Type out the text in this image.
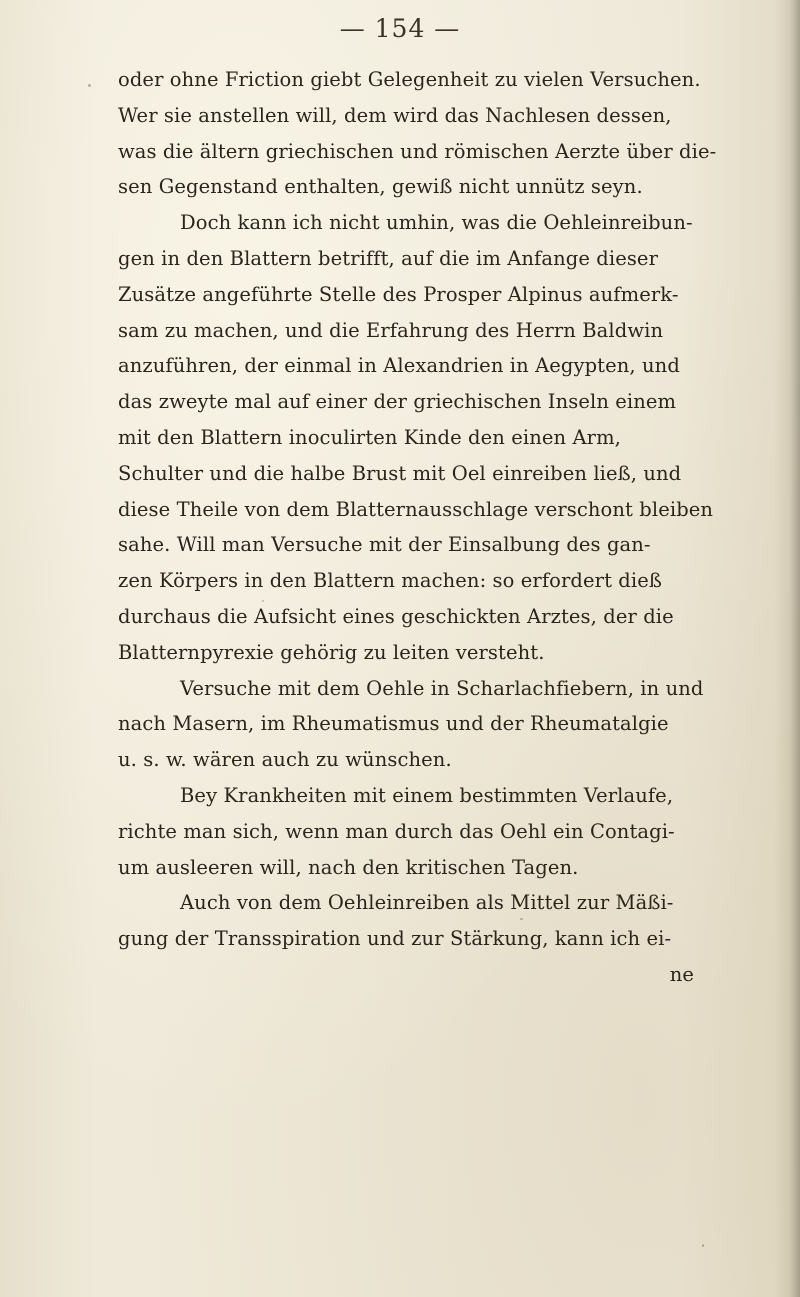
— 154 —
oder ohne Friction giebt Gelegenheit zu vielen Versuchen.
Wer sie anstellen will, dem wird das Nachlesen dessen,
was die ältern griechischen und römischen Aerzte über die-
sen Gegenstand enthalten, gewiß nicht unnütz seyn.
Doch kann ich nicht umhin, was die Oehleinreibun-
gen in den Blattern betrifft, auf die im Anfange dieser
Zusätze angeführte Stelle des Prosper Alpinus aufmerk-
sam zu machen, und die Erfahrung des Herrn Baldwin
anzuführen, der einmal in Alexandrien in Aegypten, und
das zweyte mal auf einer der griechischen Inseln einem
mit den Blattern inoculirten Kinde den einen Arm,
Schulter und die halbe Brust mit Oel einreiben ließ, und
diese Theile von dem Blatternausschlage verschont bleiben
sahe. Will man Versuche mit der Einsalbung des gan-
zen Körpers in den Blattern machen: so erfordert dieß
durchaus die Aufsicht eines geschickten Arztes, der die
Blatternpyrexie gehörig zu leiten versteht.
Versuche mit dem Oehle in Scharlachfiebern, in und
nach Masern, im Rheumatismus und der Rheumatalgie
u. s. w. wären auch zu wünschen.
Bey Krankheiten mit einem bestimmten Verlaufe,
richte man sich, wenn man durch das Oehl ein Contagi-
um ausleeren will, nach den kritischen Tagen.
Auch von dem Oehleinreiben als Mittel zur Mäßi-
gung der Transspiration und zur Stärkung, kann ich ei-
ne
